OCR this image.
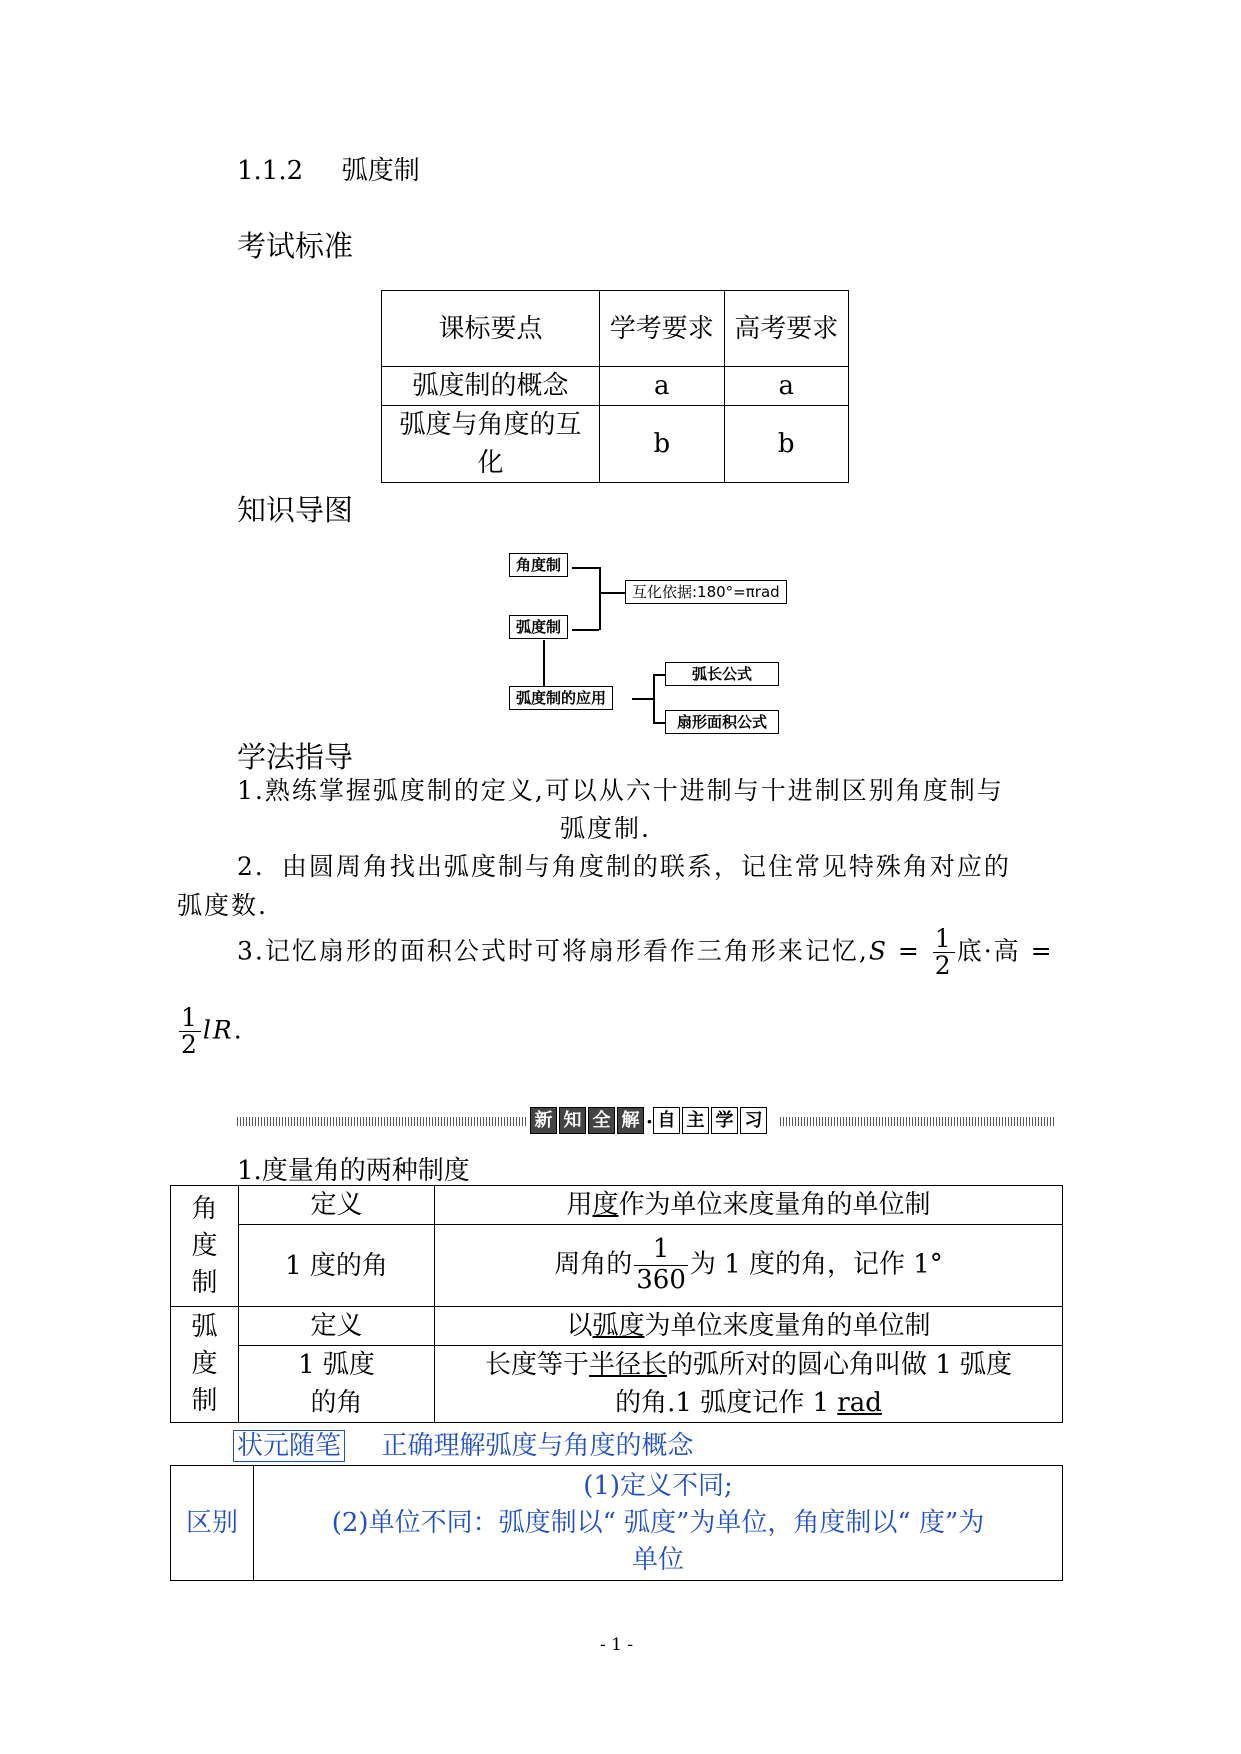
1.1.2 弧度制
考试标准
课标要点	学考要求	高考要求
弧度制的概念	a	a
弧度与角度的互化	b	b
知识导图
角度制
互化依据:180°=πrad
弧度制
弧度制的应用
弧长公式
扇形面积公式
学法指导
1.熟练掌握弧度制的定义,可以从六十进制与十进制区别角度制与
弧度制.
2．由圆周角找出弧度制与角度制的联系，记住常见特殊角对应的
弧度数.
3.记忆扇形的面积公式时可将扇形看作三角形来记忆$,S = \frac{1}{2}$ 底·高 =
$\frac{1}{2}$ lR.
新 知 全 解 · 自 主 学 习
1.度量角的两种制度
角
度
制	定义	用度作为单位来度量角的单位制
	1 度的角	周角的 $\frac{1}{360}$ 为 1 度的角，记作 1°
弧
度
制	定义	以弧度为单位来度量角的单位制
	1 弧度
的角	长度等于半径长的弧所对的圆心角叫做 1 弧度
的角.1 弧度记作 1 rad
状元随笔 正确理解弧度与角度的概念
区别	(1)定义不同;
(2)单位不同：弧度制以“ 弧度”为单位，角度制以“ 度”为
单位
- 1 -
